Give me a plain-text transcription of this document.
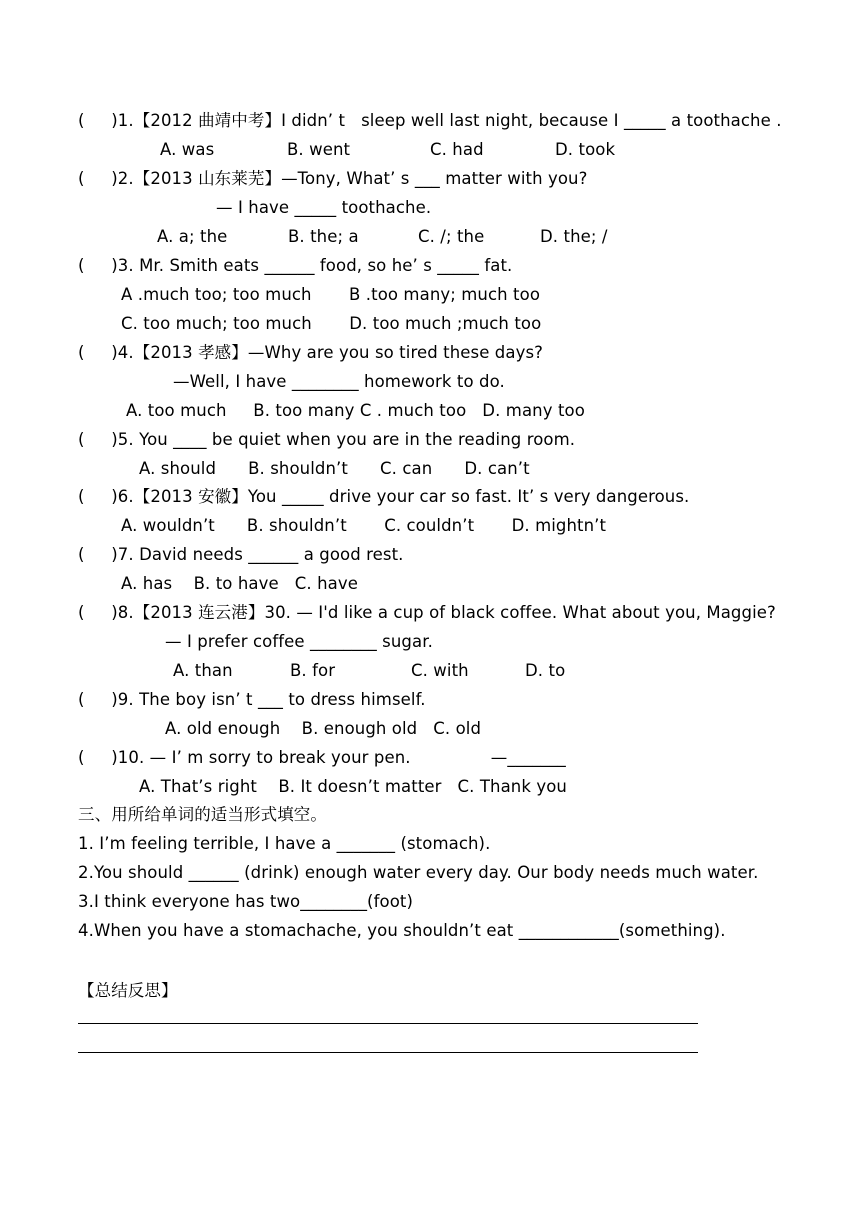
(     )1.【2012 曲靖中考】I didn’ t   sleep well last night, because I _____ a toothache .
A. was	B. went	C. had	D. took
(     )2.【2013 山东莱芜】—Tony, What’ s ___ matter with you?
— I have _____ toothache.
A. a; the	B. the; a	C. /; the	D. the; /
(     )3. Mr. Smith eats ______ food, so he’ s _____ fat.
A .much too; too much       B .too many; much too
C. too much; too much       D. too much ;much too
(     )4.【2013 孝感】—Why are you so tired these days?
—Well, I have ________ homework to do.
A. too much     B. too many C . much too   D. many too
(     )5. You ____ be quiet when you are in the reading room.
A. should      B. shouldn’t      C. can      D. can’t
(     )6.【2013 安徽】You _____ drive your car so fast. It’ s very dangerous.
A. wouldn’t      B. shouldn’t       C. couldn’t       D. mightn’t
(     )7. David needs ______ a good rest.
A. has    B. to have   C. have
(     )8.【2013 连云港】30. — I'd like a cup of black coffee. What about you, Maggie?
— I prefer coffee ________ sugar.
A. than	B. for	C. with	D. to
(     )9. The boy isn’ t ___ to dress himself.
A. old enough    B. enough old   C. old
(     )10. — I’ m sorry to break your pen.               —_______
A. That’s right    B. It doesn’t matter   C. Thank you
三、用所给单词的适当形式填空。
1. I’m feeling terrible, I have a _______ (stomach).
2.You should ______ (drink) enough water every day. Our body needs much water.
3.I think everyone has two________(foot)
4.When you have a stomachache, you shouldn’t eat ____________(something).
【总结反思】
